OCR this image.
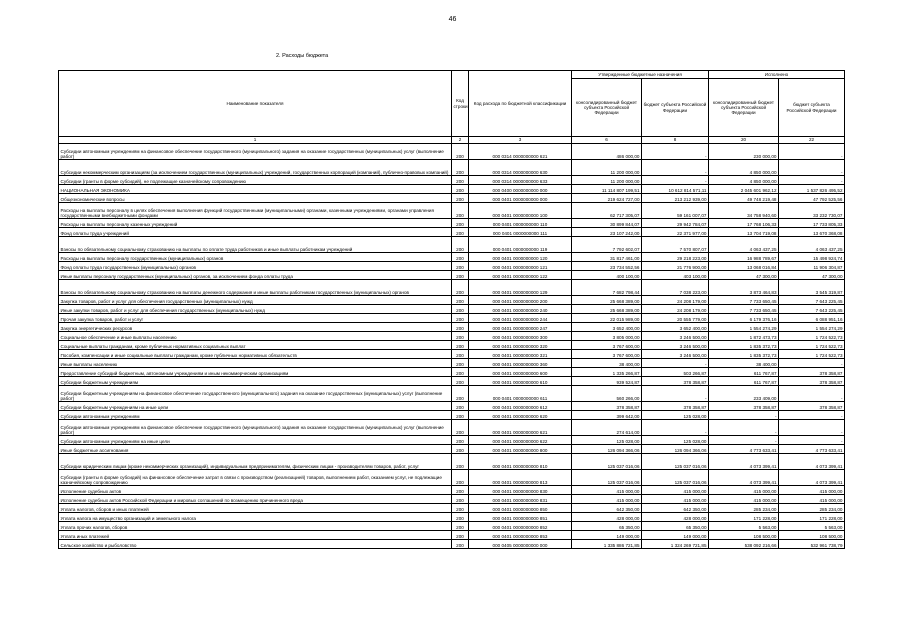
46
2. Расходы бюджета
Наименование показателя	Код строки	Код расхода по бюджетной классификации	Утвержденные бюджетные назначения		Исполнено	
			консолидированный бюджет субъекта Российской Федерации	бюджет субъекта Российской Федерации	консолидированный бюджет субъекта Российской Федерации	бюджет субъекта Российской Федерации
1	2	3	6	8	20	22
Субсидии автономным учреждениям на финансовое обеспечение государственного (муниципального) задания на оказание государственных (муниципальных) услуг (выполнение работ)	200	000 0314 0000000000 621	486 000,00	-	230 000,00	-
Субсидии некоммерческим организациям (за исключением государственных (муниципальных) учреждений, государственных корпораций (компаний), публично-правовых компаний)	200	000 0314 0000000000 630	11 200 000,00	-	4 850 000,00	-
Субсидии (гранты в форме субсидий), не подлежащие казначейскому сопровождению	200	000 0314 0000000000 633	11 200 000,00	-	4 850 000,00	-
НАЦИОНАЛЬНАЯ ЭКОНОМИКА	200	000 0400 0000000000 000	11 114 807 199,51	10 612 814 571,11	2 045 601 962,12	1 537 826 495,52
Общеэкономические вопросы	200	000 0401 0000000000 000	219 624 727,00	213 212 939,00	49 748 219,48	47 792 525,56
Расходы на выплаты персоналу в целях обеспечения выполнения функций государственными (муниципальными) органами, казенными учреждениями, органами управления государственными внебюджетными фондами	200	000 0401 0000000000 100	62 717 305,07	59 161 007,07	34 758 940,60	33 232 730,07
Расходы на выплаты персоналу казенных учреждений	200	000 0401 0000000000 110	30 899 844,07	29 942 784,07	17 768 106,33	17 733 805,33
Фонд оплаты труда учреждений	200	000 0401 0000000000 111	23 107 242,00	22 371 977,00	13 704 719,08	13 670 368,08
Взносы по обязательному социальному страхованию на выплаты по оплате труда работников и иные выплаты работникам учреждений	200	000 0401 0000000000 119	7 792 602,07	7 570 807,07	4 063 437,25	4 063 437,25
Расходы на выплаты персоналу государственных (муниципальных) органов	200	000 0401 0000000000 120	31 817 461,00	29 218 223,00	16 988 789,67	15 498 924,74
Фонд оплаты труда государственных (муниципальных) органов	200	000 0401 0000000000 121	23 734 552,56	21 776 900,00	13 068 016,84	11 906 304,87
Иные выплаты персоналу государственных (муниципальных) органов, за исключением фонда оплаты труда	200	000 0401 0000000000 122	400 100,00	403 100,00	47 300,00	47 300,00
Взносы по обязательному социальному страхованию на выплаты денежного содержания и иные выплаты работникам государственных (муниципальных) органов	200	000 0401 0000000000 129	7 682 798,44	7 038 223,00	3 873 464,83	3 545 319,87
Закупка товаров, работ и услуг для обеспечения государственных (муниципальных) нужд	200	000 0401 0000000000 200	25 668 389,00	24 208 179,00	7 733 650,45	7 643 225,45
Иные закупки товаров, работ и услуг для обеспечения государственных (муниципальных) нужд	200	000 0401 0000000000 240	25 668 389,00	24 208 179,00	7 733 650,45	7 643 225,45
Прочая закупка товаров, работ и услуг	200	000 0401 0000000000 244	22 015 989,00	20 555 779,00	6 179 376,16	6 088 951,16
Закупка энергетических ресурсов	200	000 0401 0000000000 247	3 652 400,00	3 652 400,00	1 554 274,29	1 554 274,29
Социальное обеспечение и иные выплаты населению	200	000 0401 0000000000 300	3 805 000,00	3 246 500,00	1 872 473,73	1 724 522,73
Социальные выплаты гражданам, кроме публичных нормативных социальных выплат	200	000 0401 0000000000 320	3 767 600,00	3 246 500,00	1 835 372,73	1 724 522,73
Пособия, компенсации и иные социальные выплаты гражданам, кроме публичных нормативных обязательств	200	000 0401 0000000000 321	3 767 600,00	3 246 500,00	1 835 372,73	1 724 522,73
Иные выплаты населению	200	000 0401 0000000000 360	38 400,00	-	38 400,00	-
Предоставление субсидий бюджетным, автономным учреждениям и иным некоммерческим организациям	200	000 0401 0000000000 600	1 335 266,87	503 266,87	611 767,87	378 358,87
Субсидии бюджетным учреждениям	200	000 0401 0000000000 610	939 524,87	378 358,87	611 767,87	378 358,87
Субсидии бюджетным учреждениям на финансовое обеспечение государственного (муниципального) задания на оказание государственных (муниципальных) услуг (выполнение работ)	200	000 0401 0000000000 611	560 266,00	-	233 409,00	-
Субсидии бюджетным учреждениям на иные цели	200	000 0401 0000000000 612	378 358,87	378 358,87	378 358,87	378 358,87
Субсидии автономным учреждениям	200	000 0401 0000000000 620	399 642,00	125 028,00	-	-
Субсидии автономным учреждениям на финансовое обеспечение государственного (муниципального) задания на оказание государственных (муниципальных) услуг (выполнение работ)	200	000 0401 0000000000 621	274 614,00	-	-	-
Субсидии автономным учреждениям на иные цели	200	000 0401 0000000000 622	125 028,00	125 028,00	-	-
Иные бюджетные ассигнования	200	000 0401 0000000000 800	126 094 366,06	126 094 366,06	4 773 633,41	4 773 633,41
Субсидии юридическим лицам (кроме некоммерческих организаций), индивидуальным предпринимателям, физическим лицам - производителям товаров, работ, услуг	200	000 0401 0000000000 810	125 037 016,06	125 037 016,06	4 073 399,41	4 073 399,41
Субсидии (гранты в форме субсидий) на финансовое обеспечение затрат в связи с производством (реализацией) товаров, выполнением работ, оказанием услуг, не подлежащие казначейскому сопровождению	200	000 0401 0000000000 813	125 037 016,06	125 037 016,06	4 073 399,41	4 073 399,41
Исполнение судебных актов	200	000 0401 0000000000 830	415 000,00	415 000,00	415 000,00	415 000,00
Исполнение судебных актов Российской Федерации и мировых соглашений по возмещению причиненного вреда	200	000 0401 0000000000 831	415 000,00	415 000,00	415 000,00	415 000,00
Уплата налогов, сборов и иных платежей	200	000 0401 0000000000 850	642 350,00	642 350,00	285 234,00	285 234,00
Уплата налога на имущество организаций и земельного налога	200	000 0401 0000000000 851	428 000,00	428 000,00	171 228,00	171 228,00
Уплата прочих налогов, сборов	200	000 0401 0000000000 852	65 350,00	65 350,00	5 563,00	5 563,00
Уплата иных платежей	200	000 0401 0000000000 853	149 000,00	149 000,00	108 500,00	108 500,00
Сельское хозяйство и рыболовство	200	000 0405 0000000000 000	1 335 886 721,85	1 324 269 721,85	538 092 216,66	532 961 738,79
